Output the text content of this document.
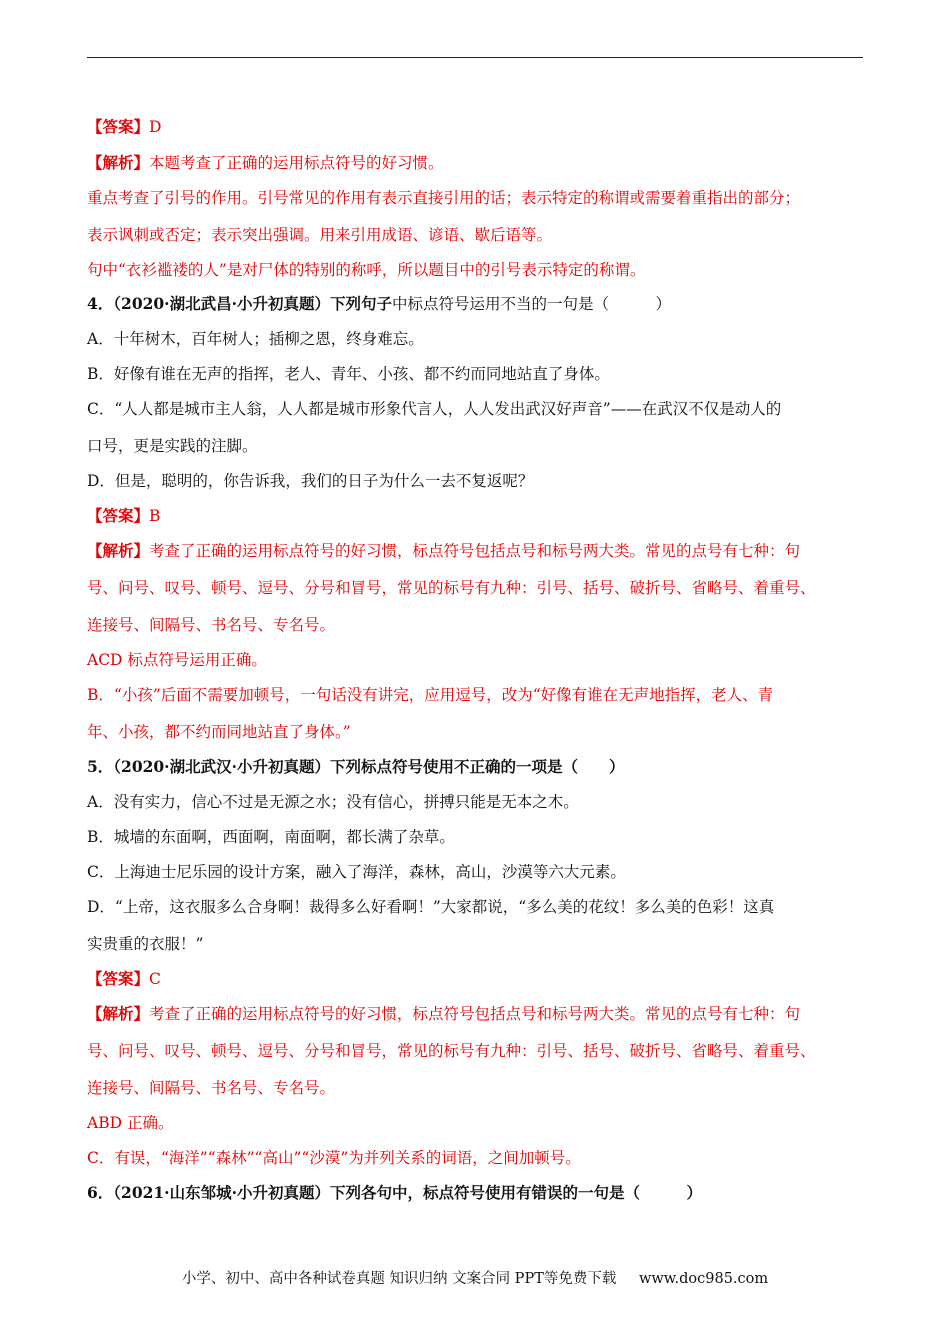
【答案】D
【解析】本题考查了正确的运用标点符号的好习惯。
重点考查了引号的作用。引号常见的作用有表示直接引用的话；表示特定的称谓或需要着重指出的部分；
表示讽刺或否定；表示突出强调。用来引用成语、谚语、歇后语等。
句中“衣衫褴褛的人”是对尸体的特别的称呼，所以题目中的引号表示特定的称谓。
4．（2020·湖北武昌·小升初真题）下列句子中标点符号运用不当的一句是（　　　）
A．十年树木，百年树人；插柳之恩，终身难忘。
B．好像有谁在无声的指挥，老人、青年、小孩、都不约而同地站直了身体。
C．“人人都是城市主人翁，人人都是城市形象代言人，人人发出武汉好声音”——在武汉不仅是动人的
口号，更是实践的注脚。
D．但是，聪明的，你告诉我，我们的日子为什么一去不复返呢？
【答案】B
【解析】考查了正确的运用标点符号的好习惯，标点符号包括点号和标号两大类。常见的点号有七种：句
号、问号、叹号、顿号、逗号、分号和冒号，常见的标号有九种：引号、括号、破折号、省略号、着重号、
连接号、间隔号、书名号、专名号。
ACD 标点符号运用正确。
B．“小孩”后面不需要加顿号，一句话没有讲完，应用逗号，改为“好像有谁在无声地指挥，老人、青
年、小孩，都不约而同地站直了身体。”
5．（2020·湖北武汉·小升初真题）下列标点符号使用不正确的一项是（　　）
A．没有实力，信心不过是无源之水；没有信心，拼搏只能是无本之木。
B．城墙的东面啊，西面啊，南面啊，都长满了杂草。
C．上海迪士尼乐园的设计方案，融入了海洋，森林，高山，沙漠等六大元素。
D．“上帝，这衣服多么合身啊！裁得多么好看啊！”大家都说，“多么美的花纹！多么美的色彩！这真
实贵重的衣服！”
【答案】C
【解析】考查了正确的运用标点符号的好习惯，标点符号包括点号和标号两大类。常见的点号有七种：句
号、问号、叹号、顿号、逗号、分号和冒号，常见的标号有九种：引号、括号、破折号、省略号、着重号、
连接号、间隔号、书名号、专名号。
ABD 正确。
C．有误，“海洋”“森林”“高山”“沙漠”为并列关系的词语，之间加顿号。
6．（2021·山东邹城·小升初真题）下列各句中，标点符号使用有错误的一句是（　　　）
小学、初中、高中各种试卷真题 知识归纳 文案合同 PPT等免费下载 www.doc985.com
